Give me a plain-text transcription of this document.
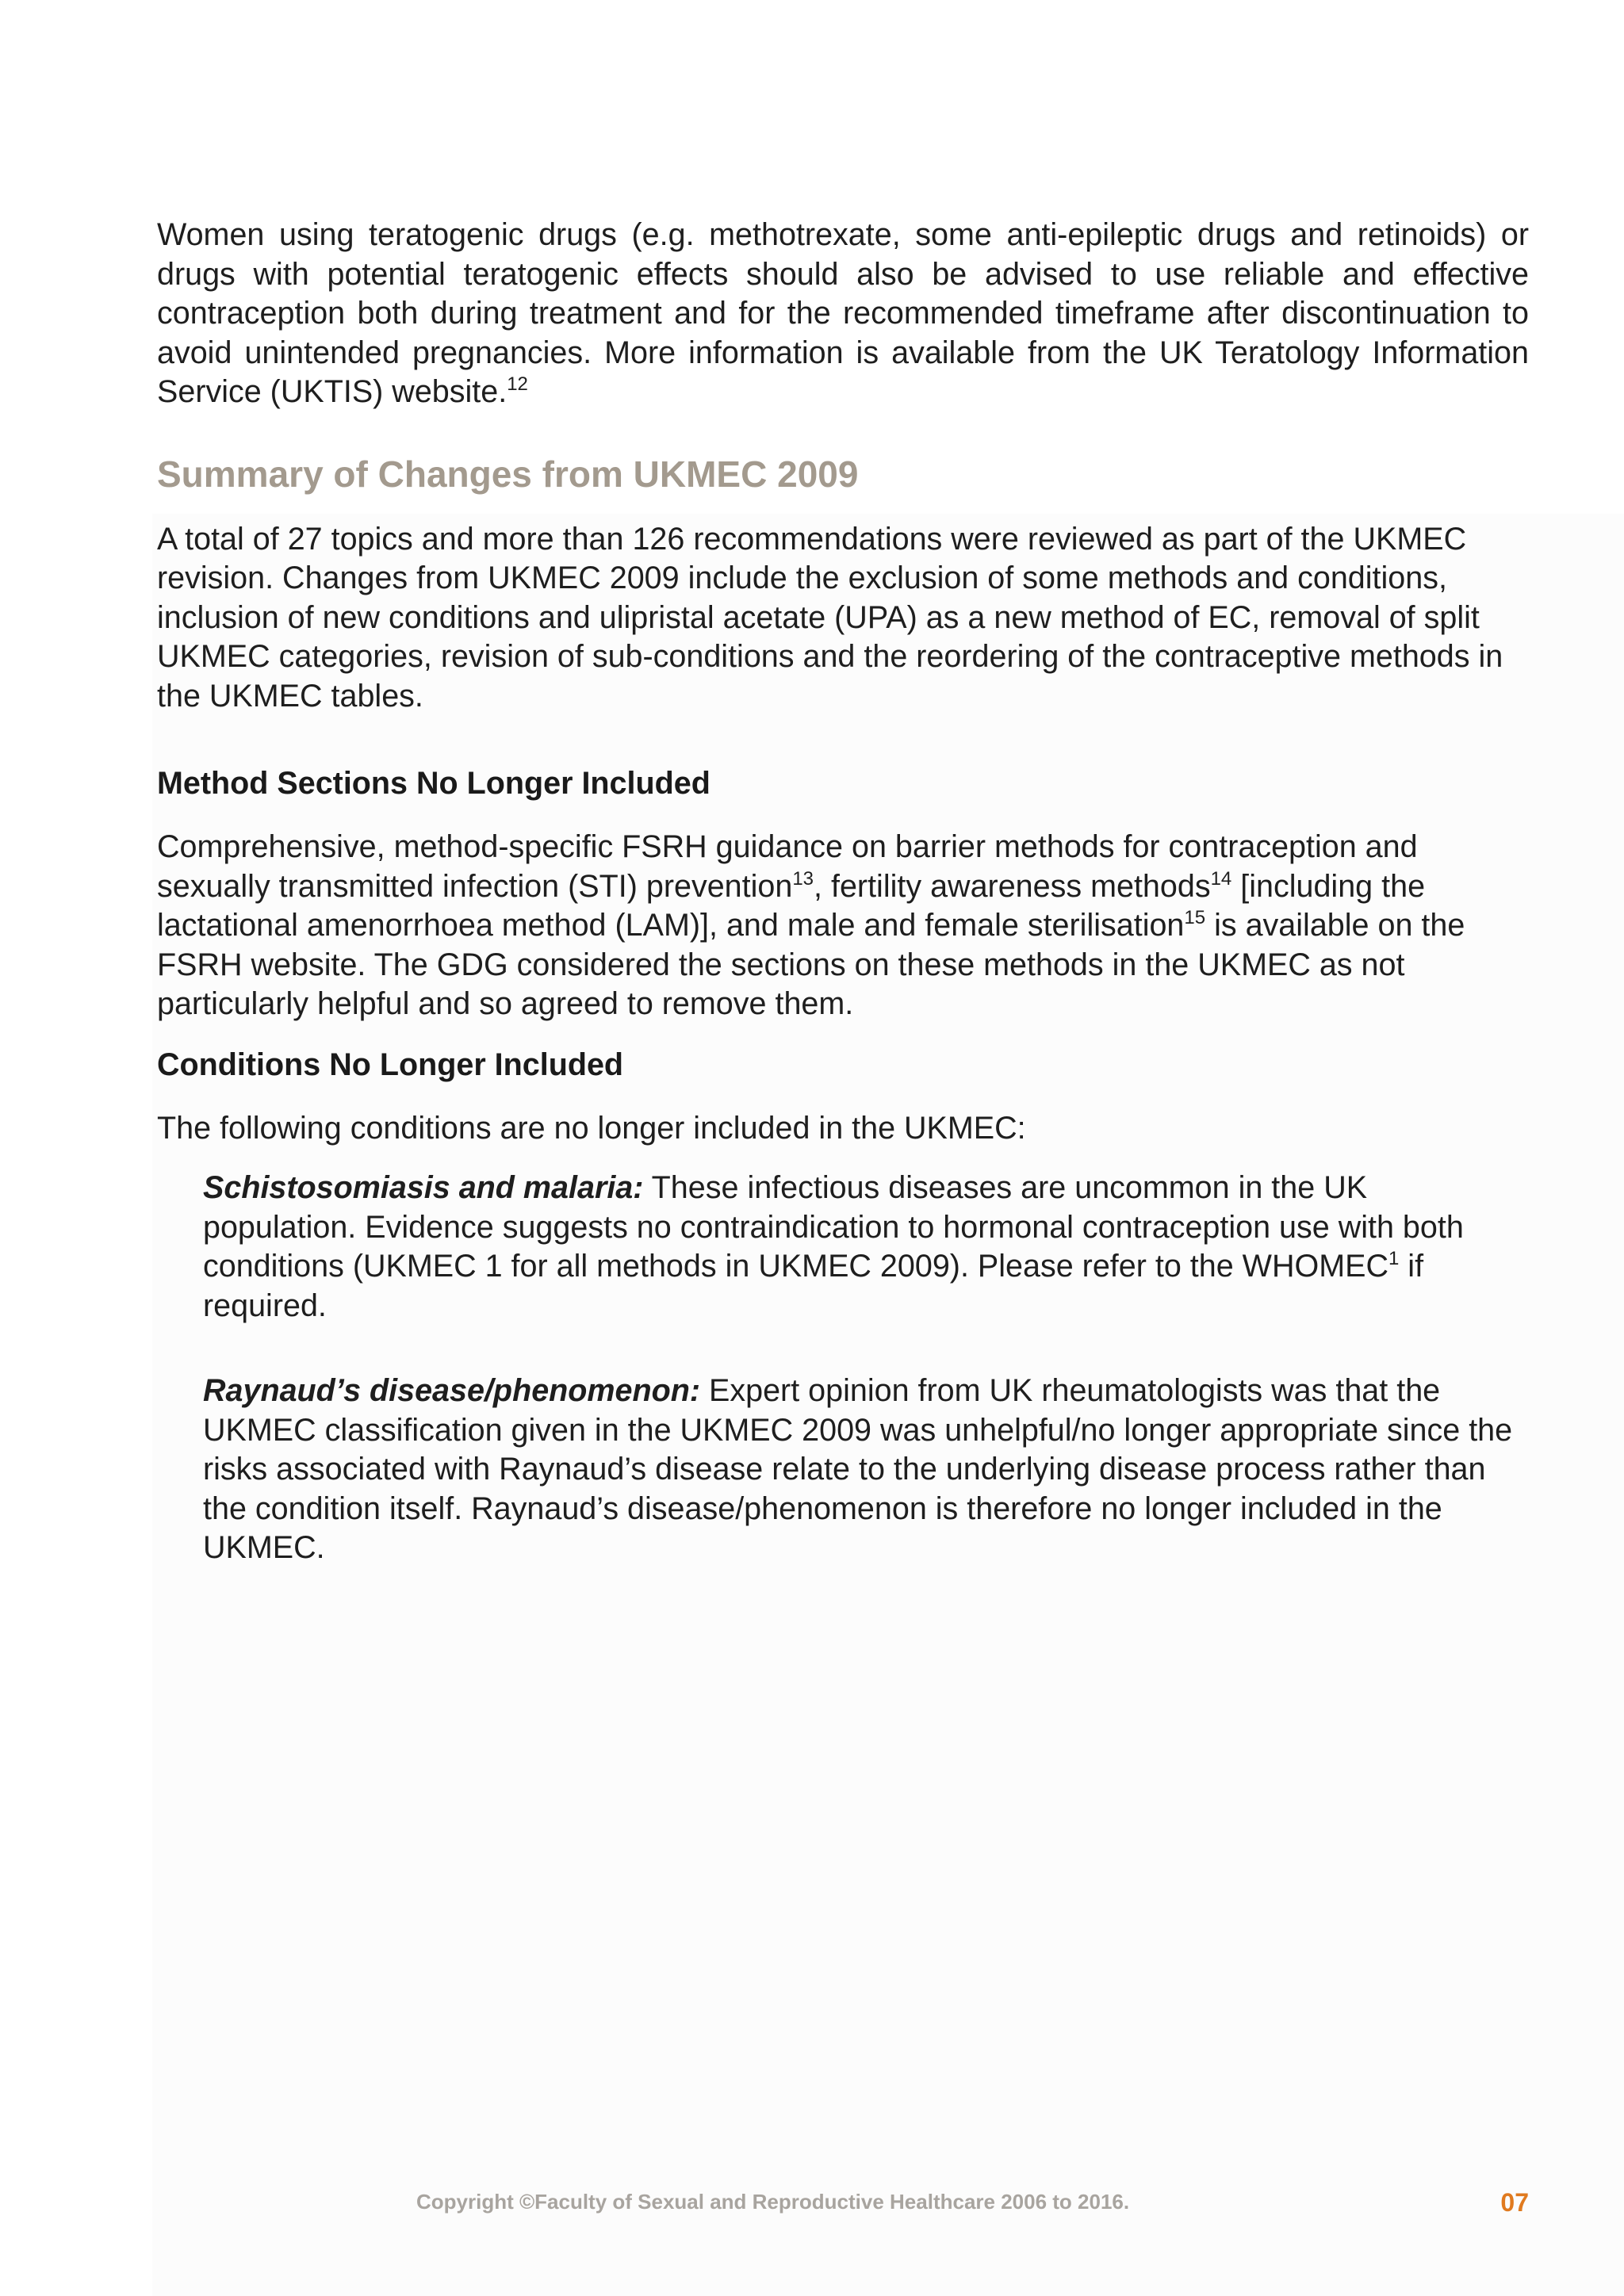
Women using teratogenic drugs (e.g. methotrexate, some anti-epileptic drugs and retinoids) or drugs with potential teratogenic effects should also be advised to use reliable and effective contraception both during treatment and for the recommended timeframe after discontinuation to avoid unintended pregnancies. More information is available from the UK Teratology Information Service (UKTIS) website.$^{12}$

Summary of Changes from UKMEC 2009

A total of 27 topics and more than 126 recommendations were reviewed as part of the UKMEC revision. Changes from UKMEC 2009 include the exclusion of some methods and conditions, inclusion of new conditions and ulipristal acetate (UPA) as a new method of EC, removal of split UKMEC categories, revision of sub-conditions and the reordering of the contraceptive methods in the UKMEC tables.

Method Sections No Longer Included

Comprehensive, method-specific FSRH guidance on barrier methods for contraception and sexually transmitted infection (STI) prevention$^{13}$, fertility awareness methods$^{14}$ [including the lactational amenorrhoea method (LAM)], and male and female sterilisation$^{15}$ is available on the FSRH website. The GDG considered the sections on these methods in the UKMEC as not particularly helpful and so agreed to remove them.

Conditions No Longer Included

The following conditions are no longer included in the UKMEC:

Schistosomiasis and malaria: These infectious diseases are uncommon in the UK population. Evidence suggests no contraindication to hormonal contraception use with both conditions (UKMEC 1 for all methods in UKMEC 2009). Please refer to the WHOMEC$^1$ if required.

Raynaud’s disease/phenomenon: Expert opinion from UK rheumatologists was that the UKMEC classification given in the UKMEC 2009 was unhelpful/no longer appropriate since the risks associated with Raynaud’s disease relate to the underlying disease process rather than the condition itself. Raynaud’s disease/phenomenon is therefore no longer included in the UKMEC.

Copyright ©Faculty of Sexual and Reproductive Healthcare 2006 to 2016.	07
